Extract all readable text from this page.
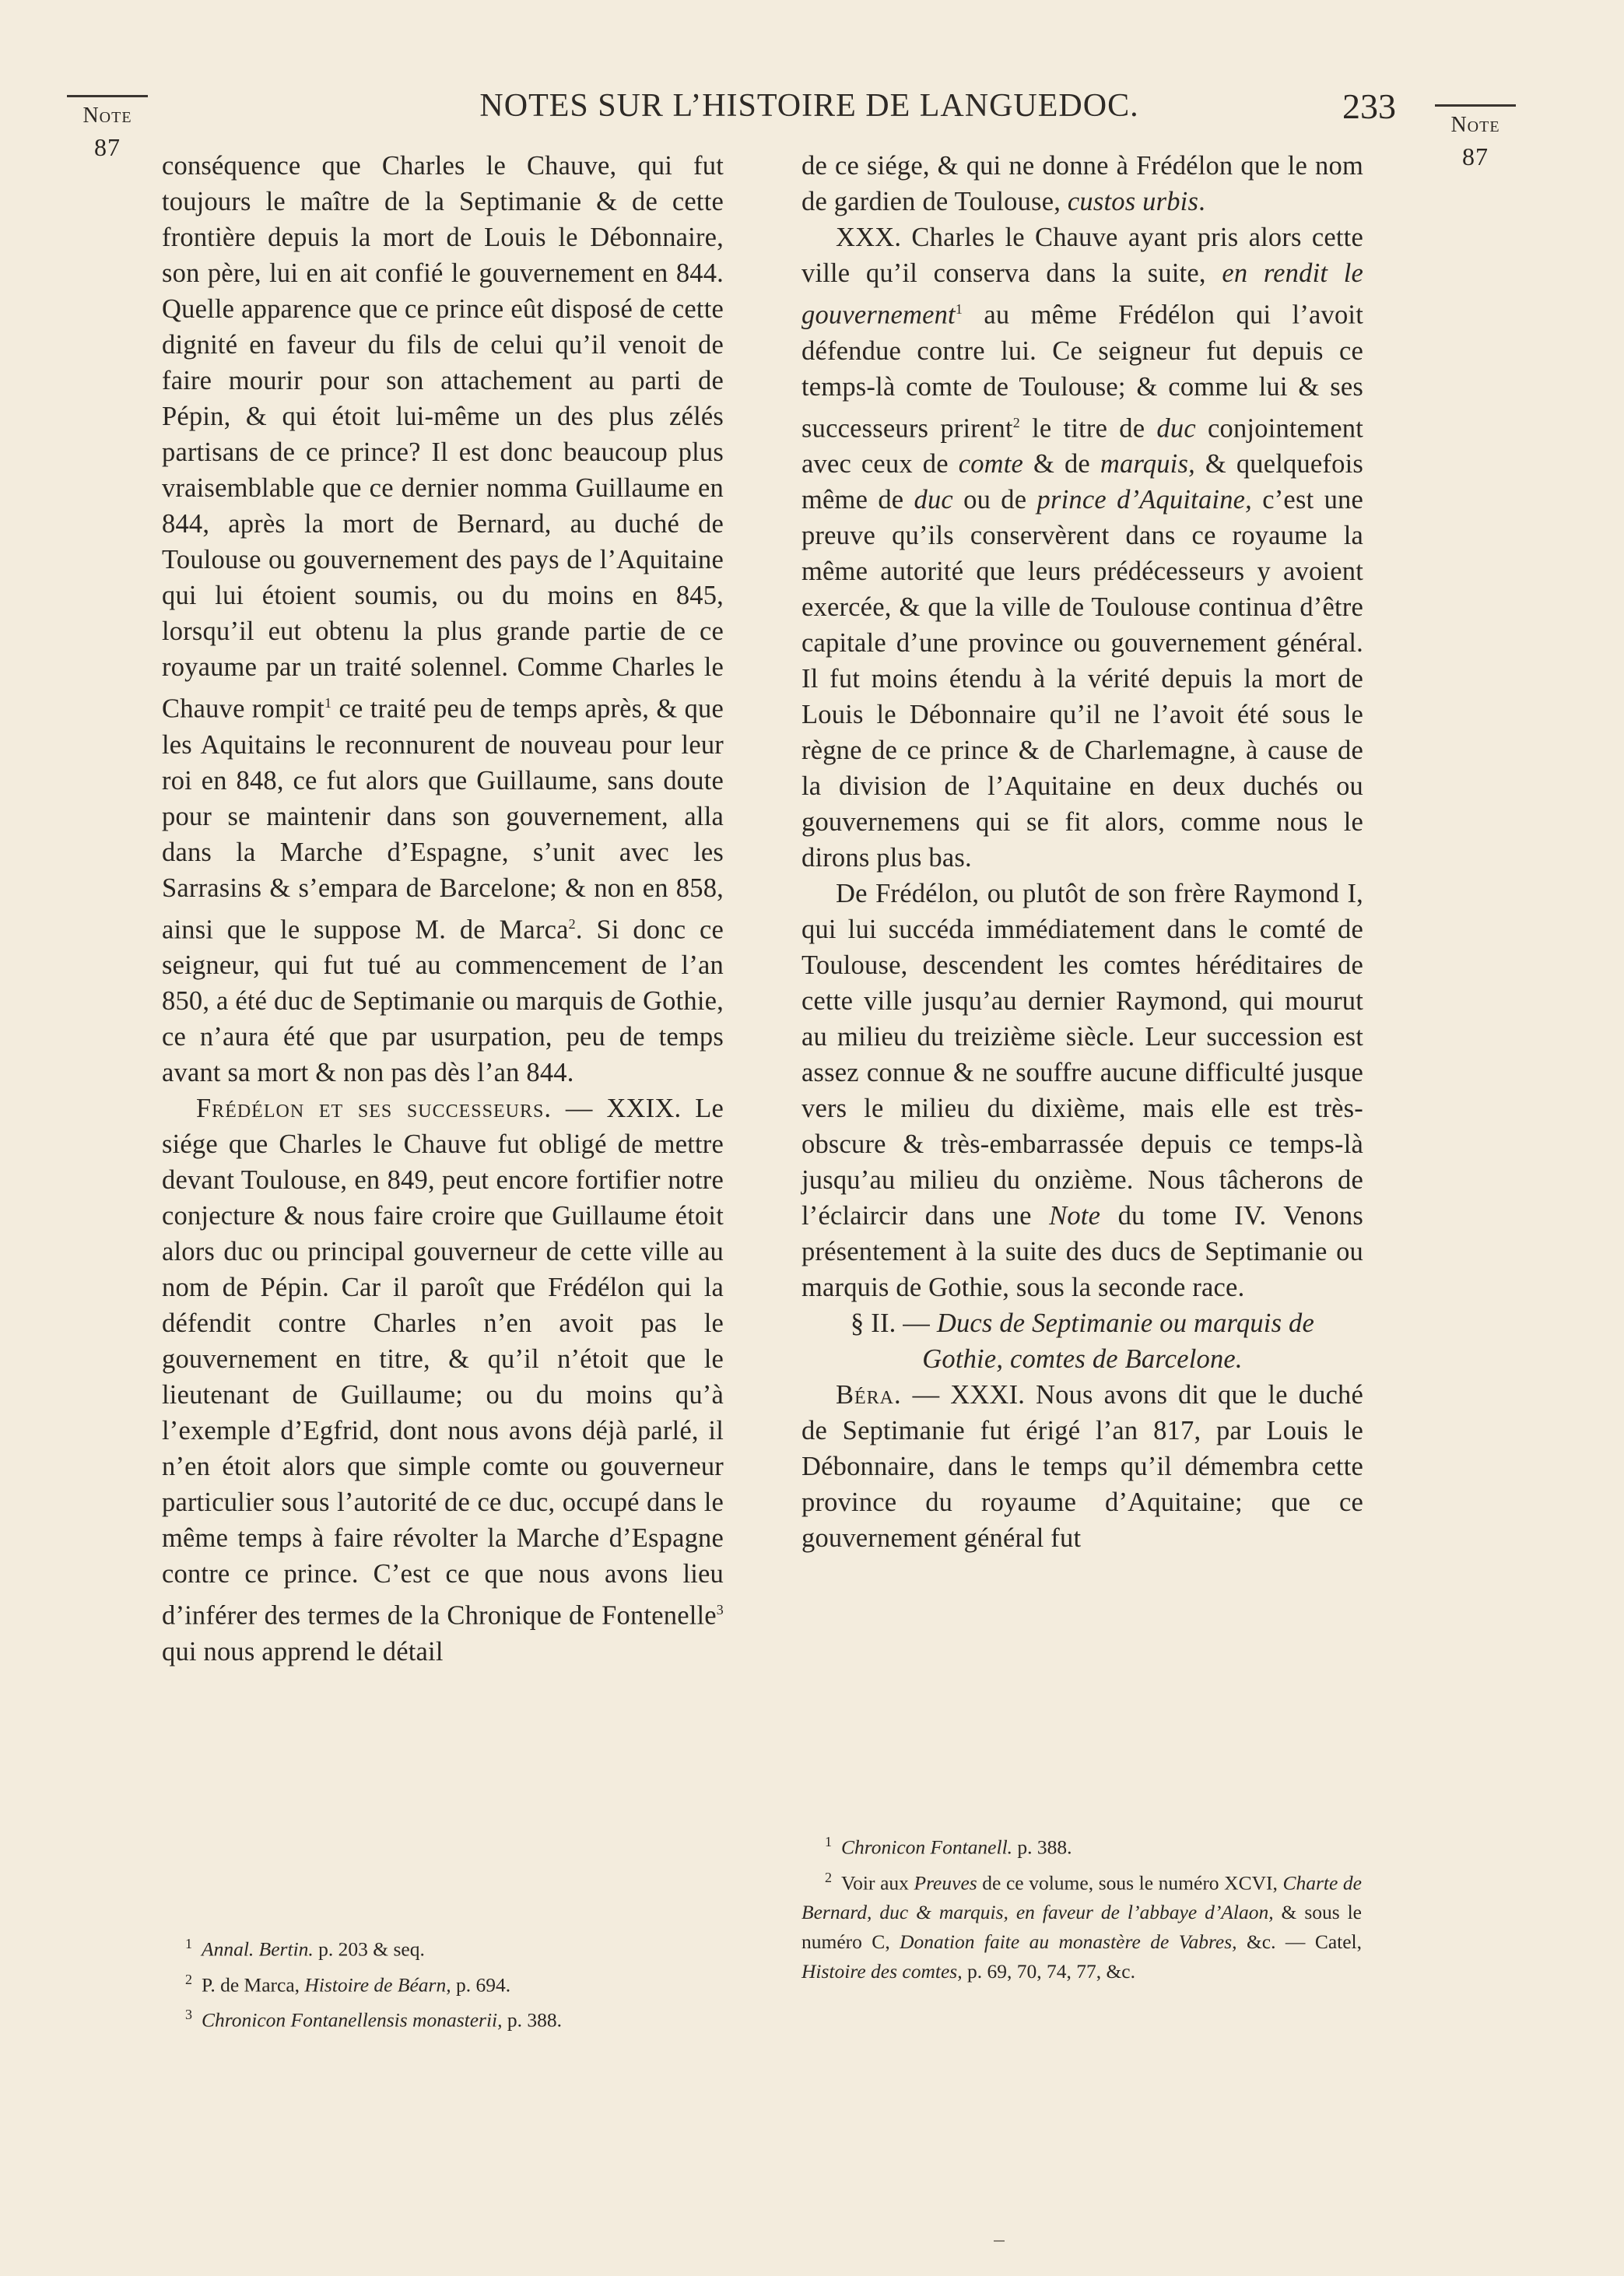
Note
87
NOTES SUR L’HISTOIRE DE LANGUEDOC.	233	Note
87

conséquence que Charles le Chauve, qui fut toujours le maître de la Septimanie & de cette frontière depuis la mort de Louis le Débonnaire, son père, lui en ait confié le gouvernement en 844. Quelle apparence que ce prince eût disposé de cette dignité en faveur du fils de celui qu’il venoit de faire mourir pour son attachement au parti de Pépin, & qui étoit lui-même un des plus zélés partisans de ce prince? Il est donc beaucoup plus vraisemblable que ce dernier nomma Guillaume en 844, après la mort de Bernard, au duché de Toulouse ou gouvernement des pays de l’Aquitaine qui lui étoient soumis, ou du moins en 845, lorsqu’il eut obtenu la plus grande partie de ce royaume par un traité solennel. Comme Charles le Chauve rompit$^1$ ce traité peu de temps après, & que les Aquitains le reconnurent de nouveau pour leur roi en 848, ce fut alors que Guillaume, sans doute pour se maintenir dans son gouvernement, alla dans la Marche d’Espagne, s’unit avec les Sarrasins & s’empara de Barcelone; & non en 858, ainsi que le suppose M. de Marca$^2$. Si donc ce seigneur, qui fut tué au commencement de l’an 850, a été duc de Septimanie ou marquis de Gothie, ce n’aura été que par usurpation, peu de temps avant sa mort & non pas dès l’an 844.

Frédélon et ses successeurs. — XXIX. Le siége que Charles le Chauve fut obligé de mettre devant Toulouse, en 849, peut encore fortifier notre conjecture & nous faire croire que Guillaume étoit alors duc ou principal gouverneur de cette ville au nom de Pépin. Car il paroît que Frédélon qui la défendit contre Charles n’en avoit pas le gouvernement en titre, & qu’il n’étoit que le lieutenant de Guillaume; ou du moins qu’à l’exemple d’Egfrid, dont nous avons déjà parlé, il n’en étoit alors que simple comte ou gouverneur particulier sous l’autorité de ce duc, occupé dans le même temps à faire révolter la Marche d’Espagne contre ce prince. C’est ce que nous avons lieu d’inférer des termes de la Chronique de Fontenelle$^3$ qui nous apprend le détail

de ce siége, & qui ne donne à Frédélon que le nom de gardien de Toulouse, custos urbis.

XXX. Charles le Chauve ayant pris alors cette ville qu’il conserva dans la suite, en rendit le gouvernement$^1$ au même Frédélon qui l’avoit défendue contre lui. Ce seigneur fut depuis ce temps-là comte de Toulouse; & comme lui & ses successeurs prirent$^2$ le titre de duc conjointement avec ceux de comte & de marquis, & quelquefois même de duc ou de prince d’Aquitaine, c’est une preuve qu’ils conservèrent dans ce royaume la même autorité que leurs prédécesseurs y avoient exercée, & que la ville de Toulouse continua d’être capitale d’une province ou gouvernement général. Il fut moins étendu à la vérité depuis la mort de Louis le Débonnaire qu’il ne l’avoit été sous le règne de ce prince & de Charlemagne, à cause de la division de l’Aquitaine en deux duchés ou gouvernemens qui se fit alors, comme nous le dirons plus bas.

De Frédélon, ou plutôt de son frère Raymond I, qui lui succéda immédiatement dans le comté de Toulouse, descendent les comtes héréditaires de cette ville jusqu’au dernier Raymond, qui mourut au milieu du treizième siècle. Leur succession est assez connue & ne souffre aucune difficulté jusque vers le milieu du dixième, mais elle est très-obscure & très-embarrassée depuis ce temps-là jusqu’au milieu du onzième. Nous tâcherons de l’éclaircir dans une Note du tome IV. Venons présentement à la suite des ducs de Septimanie ou marquis de Gothie, sous la seconde race.

§ II. — Ducs de Septimanie ou marquis de Gothie, comtes de Barcelone.

Béra. — XXXI. Nous avons dit que le duché de Septimanie fut érigé l’an 817, par Louis le Débonnaire, dans le temps qu’il démembra cette province du royaume d’Aquitaine; que ce gouvernement général fut

$^1$ Annal. Bertin. p. 203 & seq.

$^2$ P. de Marca, Histoire de Béarn, p. 694.

$^3$ Chronicon Fontanellensis monasterii, p. 388.

$^1$ Chronicon Fontanell. p. 388.

$^2$ Voir aux Preuves de ce volume, sous le numéro XCVI, Charte de Bernard, duc & marquis, en faveur de l’abbaye d’Alaon, & sous le numéro C, Donation faite au monastère de Vabres, &c. — Catel, Histoire des comtes, p. 69, 70, 74, 77, &c.
